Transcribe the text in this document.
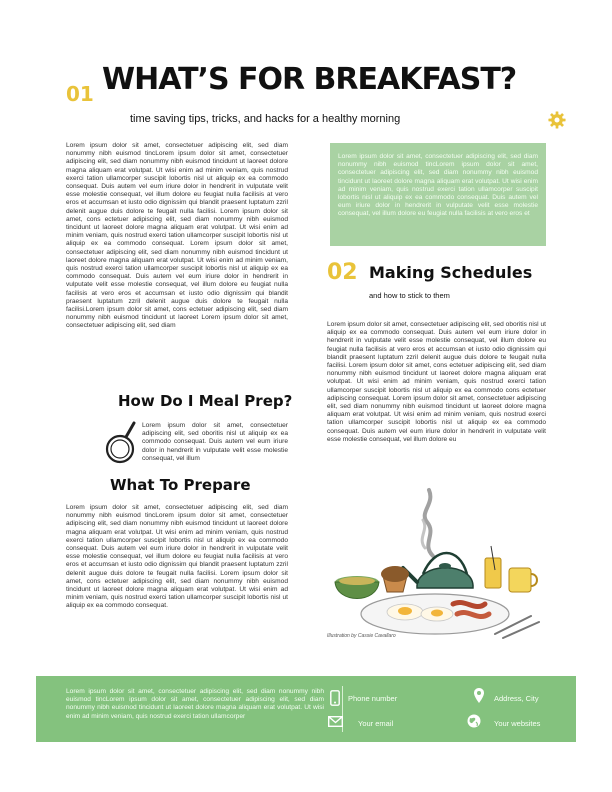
01 WHAT’S FOR BREAKFAST?
time saving tips, tricks, and hacks for a healthy morning
Lorem ipsum dolor sit amet, consectetuer adipiscing elit, sed diam nonummy nibh euismod tincLorem ipsum dolor sit amet, consectetuer adipiscing elit, sed diam nonummy nibh euismod tincidunt ut laoreet dolore magna aliquam erat volutpat. Ut wisi enim ad minim veniam, quis nostrud exerci tation ullamcorper suscipit lobortis nisl ut aliquip ex ea commodo consequat. Duis autem vel eum iriure dolor in hendrerit in vulputate velit esse molestie consequat, vel illum dolore eu feugiat nulla facilisis at vero eros et accumsan et iusto odio dignissim qui blandit praesent luptatum zzril delenit augue duis dolore te feugait nulla facilisi. Lorem ipsum dolor sit amet, cons ectetuer adipiscing elit, sed diam nonummy nibh euismod tincidunt ut laoreet dolore magna aliquam erat volutpat. Ut wisi enim ad minim veniam, quis nostrud exerci tation ullamcorper suscipit lobortis nisl ut aliquip ex ea commodo consequat. Lorem ipsum dolor sit amet, consectetuer adipiscing elit, sed diam nonummy nibh euismod tincidunt ut laoreet dolore magna aliquam erat volutpat. Ut wisi enim ad minim veniam, quis nostrud exerci tation ullamcorper suscipit lobortis nisl ut aliquip ex ea commodo consequat. Duis autem vel eum iriure dolor in hendrerit in vulputate velit esse molestie consequat, vel illum dolore eu feugiat nulla facilisis at vero eros et accumsan et iusto odio dignissim qui blandit praesent luptatum zzril delenit augue duis dolore te feugait nulla facilisi.Lorem ipsum dolor sit amet, cons ectetuer adipiscing elit, sed diam nonummy nibh euismod tincidunt ut laoreet Lorem ipsum dolor sit amet, consectetuer adipiscing elit, sed diam
How Do I Meal Prep?
Lorem ipsum dolor sit amet, consectetuer adipiscing elit, sed oboritis nisl ut aliquip ex ea commodo consequat. Duis autem vel eum iriure dolor in hendrerit in vulputate velit esse molestie consequat, vel illum
What To Prepare
Lorem ipsum dolor sit amet, consectetuer adipiscing elit, sed diam nonummy nibh euismod tincLorem ipsum dolor sit amet, consectetuer adipiscing elit, sed diam nonummy nibh euismod tincidunt ut laoreet dolore magna aliquam erat volutpat. Ut wisi enim ad minim veniam, quis nostrud exerci tation ullamcorper suscipit lobortis nisl ut aliquip ex ea commodo consequat. Duis autem vel eum iriure dolor in hendrerit in vulputate velit esse molestie consequat, vel illum dolore eu feugiat nulla facilisis at vero eros et accumsan et iusto odio dignissim qui blandit praesent luptatum zzril delenit augue duis dolore te feugait nulla facilisi. Lorem ipsum dolor sit amet, cons ectetuer adipiscing elit, sed diam nonummy nibh euismod tincidunt ut laoreet dolore magna aliquam erat volutpat. Ut wisi enim ad minim veniam, quis nostrud exerci tation ullamcorper suscipit lobortis nisl ut aliquip ex ea commodo consequat.
Lorem ipsum dolor sit amet, consectetuer adipiscing elit, sed diam nonummy nibh euismod tincLorem ipsum dolor sit amet, consectetuer adipiscing elit, sed diam nonummy nibh euismod tincidunt ut laoreet dolore magna aliquam erat volutpat. Ut wisi enim ad minim veniam, quis nostrud exerci tation ullamcorper suscipit lobortis nisl ut aliquip ex ea commodo consequat. Duis autem vel eum iriure dolor in hendrerit in vulputate velit esse molestie consequat, vel illum dolore eu feugiat nulla facilisis at vero eros et
02 Making Schedules
and how to stick to them
Lorem ipsum dolor sit amet, consectetuer adipiscing elit, sed oboritis nisl ut aliquip ex ea commodo consequat. Duis autem vel eum iriure dolor in hendrerit in vulputate velit esse molestie consequat, vel illum dolore eu feugiat nulla facilisis at vero eros et accumsan et iusto odio dignissim qui blandit praesent luptatum zzril delenit augue duis dolore te feugait nulla facilisi. Lorem ipsum dolor sit amet, cons ectetuer adipiscing elit, sed diam nonummy nibh euismod tincidunt ut laoreet dolore magna aliquam erat volutpat. Ut wisi enim ad minim veniam, quis nostrud exerci tation ullamcorper suscipit lobortis nisl ut aliquip ex ea commodo cons ectetuer adipiscing consequat. Lorem ipsum dolor sit amet, consectetuer adipiscing elit, sed diam nonummy nibh euismod tincidunt ut laoreet dolore magna aliquam erat volutpat. Ut wisi enim ad minim veniam, quis nostrud exerci tation ullamcorper suscipit lobortis nisl ut aliquip ex ea commodo consequat. Duis autem vel eum iriure dolor in hendrerit in vulputate velit esse molestie consequat, vel illum dolore eu
Illustration by Cassie Cavallaro
Lorem ipsum dolor sit amet, consectetuer adipiscing elit, sed diam nonummy nibh euismod tincLorem ipsum dolor sit amet, consectetuer adipiscing elit, sed diam nonummy nibh euismod tincidunt ut laoreet dolore magna aliquam erat volutpat. Ut wisi enim ad minim veniam, quis nostrud exerci tation ullamcorper
Phone number	Address, City
Your email	Your websites
